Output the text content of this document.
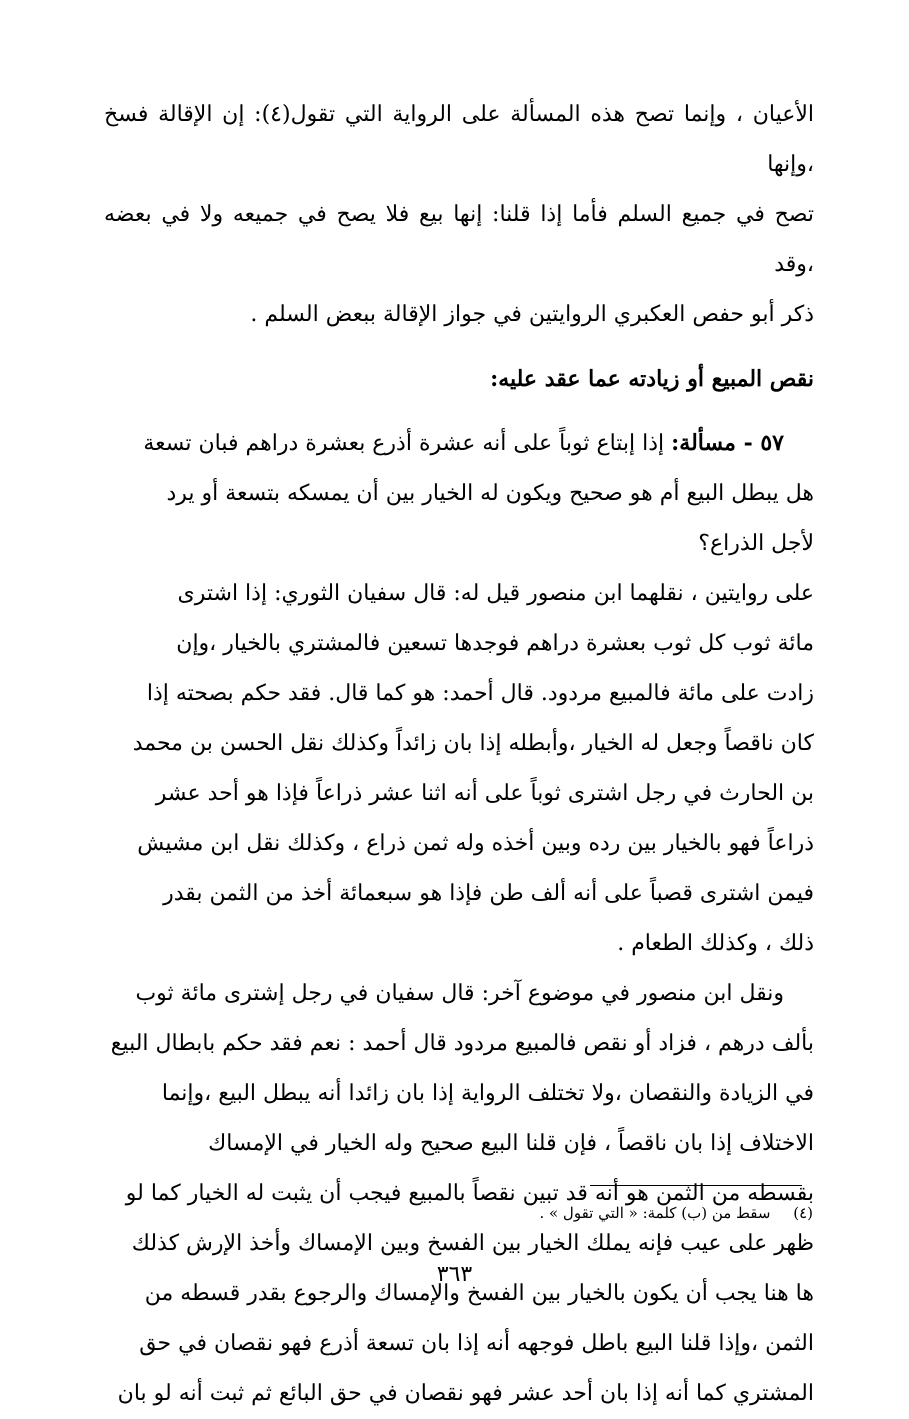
الأعيان ، وإنما تصح هذه المسألة على الرواية التي تقول(٤): إن الإقالة فسخ ،وإنها

تصح في جميع السلم فأما إذا قلنا: إنها بيع فلا يصح في جميعه ولا في بعضه ،وقد

ذكر أبو حفص العكبري الروايتين في جواز الإقالة ببعض السلم .

نقص المبيع أو زيادته عما عقد عليه:

٥٧ - مسألة: إذا إبتاع ثوباً على أنه عشرة أذرع بعشرة دراهم فبان تسعة

هل يبطل البيع أم هو صحيح ويكون له الخيار بين أن يمسكه بتسعة أو يرد

لأجل الذراع؟

على روايتين ، نقلهما ابن منصور قيل له: قال سفيان الثوري: إذا اشترى

مائة ثوب كل ثوب بعشرة دراهم فوجدها تسعين فالمشتري بالخيار ،وإن

زادت على مائة فالمبيع مردود. قال أحمد: هو كما قال. فقد حكم بصحته إذا

كان ناقصاً وجعل له الخيار ،وأبطله إذا بان زائداً وكذلك نقل الحسن بن محمد

بن الحارث في رجل اشترى ثوباً على أنه اثنا عشر ذراعاً فإذا هو أحد عشر

ذراعاً فهو بالخيار بين رده وبين أخذه وله ثمن ذراع ، وكذلك نقل ابن مشيش

فيمن اشترى قصباً على أنه ألف طن فإذا هو سبعمائة أخذ من الثمن بقدر

ذلك ، وكذلك الطعام .

ونقل ابن منصور في موضوع آخر: قال سفيان في رجل إشترى مائة ثوب

بألف درهم ، فزاد أو نقص فالمبيع مردود قال أحمد : نعم فقد حكم بابطال البيع

في الزيادة والنقصان ،ولا تختلف الرواية إذا بان زائدا أنه يبطل البيع ،وإنما

الاختلاف إذا بان ناقصاً ، فإن قلنا البيع صحيح وله الخيار في الإمساك

بقسطه من الثمن هو أنه قد تبين نقصاً بالمبيع فيجب أن يثبت له الخيار كما لو

ظهر على عيب فإنه يملك الخيار بين الفسخ وبين الإمساك وأخذ الإرش كذلك

ها هنا يجب أن يكون بالخيار بين الفسخ والإمساك والرجوع بقدر قسطه من

الثمن ،وإذا قلنا البيع باطل فوجهه أنه إذا بان تسعة أذرع فهو نقصان في حق

المشتري كما أنه إذا بان أحد عشر فهو نقصان في حق البائع ثم ثبت أنه لو بان

(٤) سقط من (ب) كلمة: « التي تقول » .
٣٦٣
